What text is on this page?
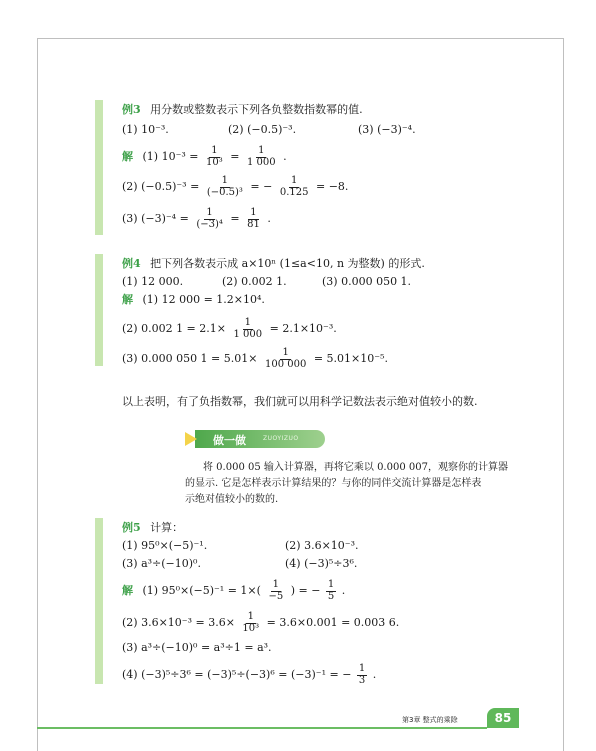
例3 用分数或整数表示下列各负整数指数幂的值.
(1) 10⁻³.	(2) (−0.5)⁻³.	(3) (−3)⁻⁴.
解 (1) $10^{-3} = \frac{1}{\text{10³}} = \frac{1}{1 000}$ .
(2) $(-0.5)^{-3} = \frac{1}{\text{(−0.5)³}}$ = − $\frac{1}{0.125} = -8$.
(3) $(-3)^{-4} = \frac{1}{\text{(−3)⁴}} = \frac{1}{81}$ .
例4 把下列各数表示成 a×10ⁿ (1≤a<10, n 为整数) 的形式.
(1) 12 000.	(2) 0.002 1.	(3) 0.000 050 1.
解 (1) 12 000 = 1.2×10⁴.
(2) 0.002 $1 = 2.1\times \frac{1}{1 000} = 2.1\times 10^{-3}$.
(3) 0.000 050 $1 = 5.01\times \frac{1}{100 000} = 5.01\times 10^{-5}$.
以上表明，有了负指数幂，我们就可以用科学记数法表示绝对值较小的数.
做一做	ZUOYIZUO
将 0.000 05 输入计算器，再将它乘以 0.000 007，观察你的计算器
的显示. 它是怎样表示计算结果的？与你的同伴交流计算器是怎样表
示绝对值较小的数的.
例5 计算：
(1) 95⁰×(−5)⁻¹.	(2) 3.6×10⁻³.
(3) a³÷(−10)⁰.	(4) (−3)⁵÷3⁶.
解 (1) $95^0\times(-5)^{-1} = 1\times( \frac{1}{-5}$ ) = − $\frac{1}{5}$ .
(2) $3.6\times 10^{-3} = 3.6\times \frac{1}{\text{10³}} = 3.6\times 0.001 = 0.003$ 6.
(3) a³÷(−10)⁰ = a³÷1 = a³.
(4) (−3)⁵÷3⁶ = (−3)⁵÷(−3)⁶ = (−3)⁻¹ = − $\frac{1}{3}$ .
第3章 整式的乘除	85
